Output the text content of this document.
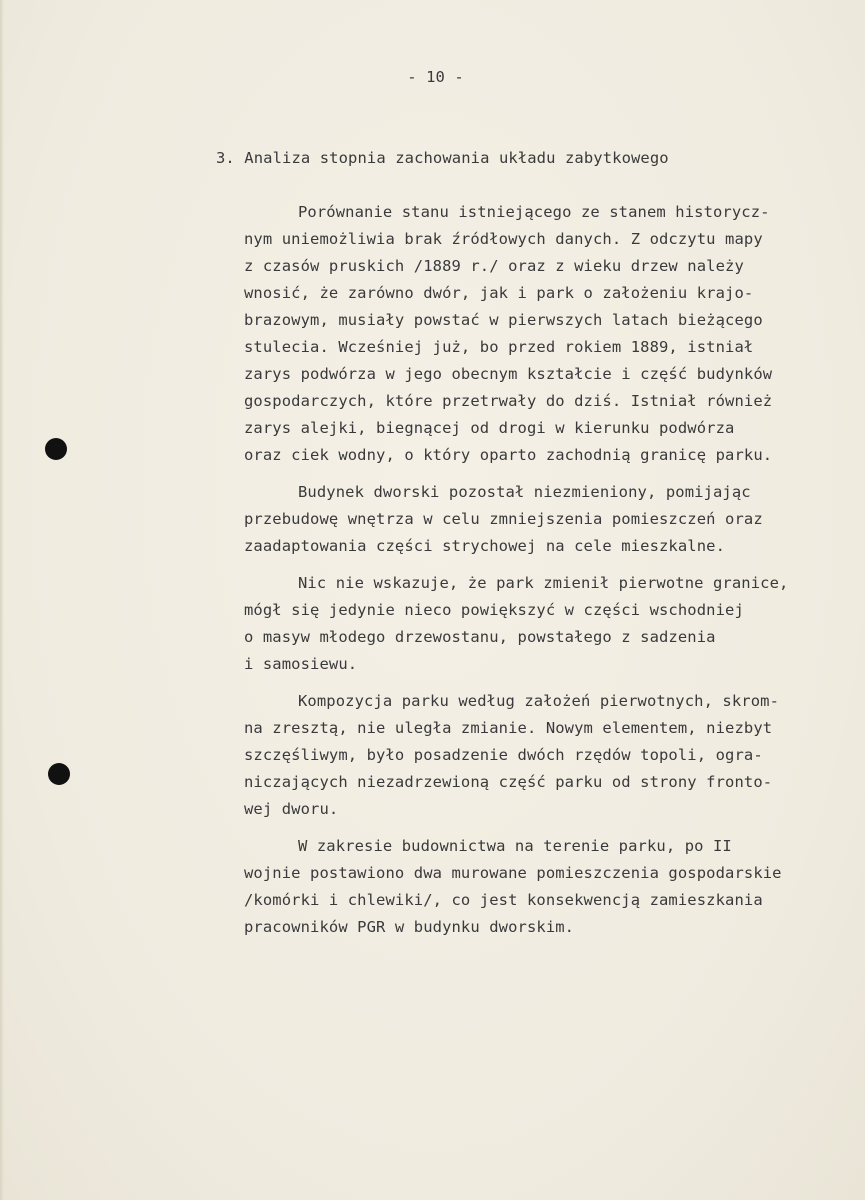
- 10 -
3. Analiza stopnia zachowania układu zabytkowego
Porównanie stanu istniejącego ze stanem historycz-
nym uniemożliwia brak źródłowych danych. Z odczytu mapy
z czasów pruskich /1889 r./ oraz z wieku drzew należy
wnosić, że zarówno dwór, jak i park o założeniu krajo-
brazowym, musiały powstać w pierwszych latach bieżącego
stulecia. Wcześniej już, bo przed rokiem 1889, istniał
zarys podwórza w jego obecnym kształcie i część budynków
gospodarczych, które przetrwały do dziś. Istniał również
zarys alejki, biegnącej od drogi w kierunku podwórza
oraz ciek wodny, o który oparto zachodnią granicę parku.
Budynek dworski pozostał niezmieniony, pomijając
przebudowę wnętrza w celu zmniejszenia pomieszczeń oraz
zaadaptowania części strychowej na cele mieszkalne.
Nic nie wskazuje, że park zmienił pierwotne granice,
mógł się jedynie nieco powiększyć w części wschodniej
o masyw młodego drzewostanu, powstałego z sadzenia
i samosiewu.
Kompozycja parku według założeń pierwotnych, skrom-
na zresztą, nie uległa zmianie. Nowym elementem, niezbyt
szczęśliwym, było posadzenie dwóch rzędów topoli, ogra-
niczających niezadrzewioną część parku od strony fronto-
wej dworu.
W zakresie budownictwa na terenie parku, po II
wojnie postawiono dwa murowane pomieszczenia gospodarskie
/komórki i chlewiki/, co jest konsekwencją zamieszkania
pracowników PGR w budynku dworskim.
